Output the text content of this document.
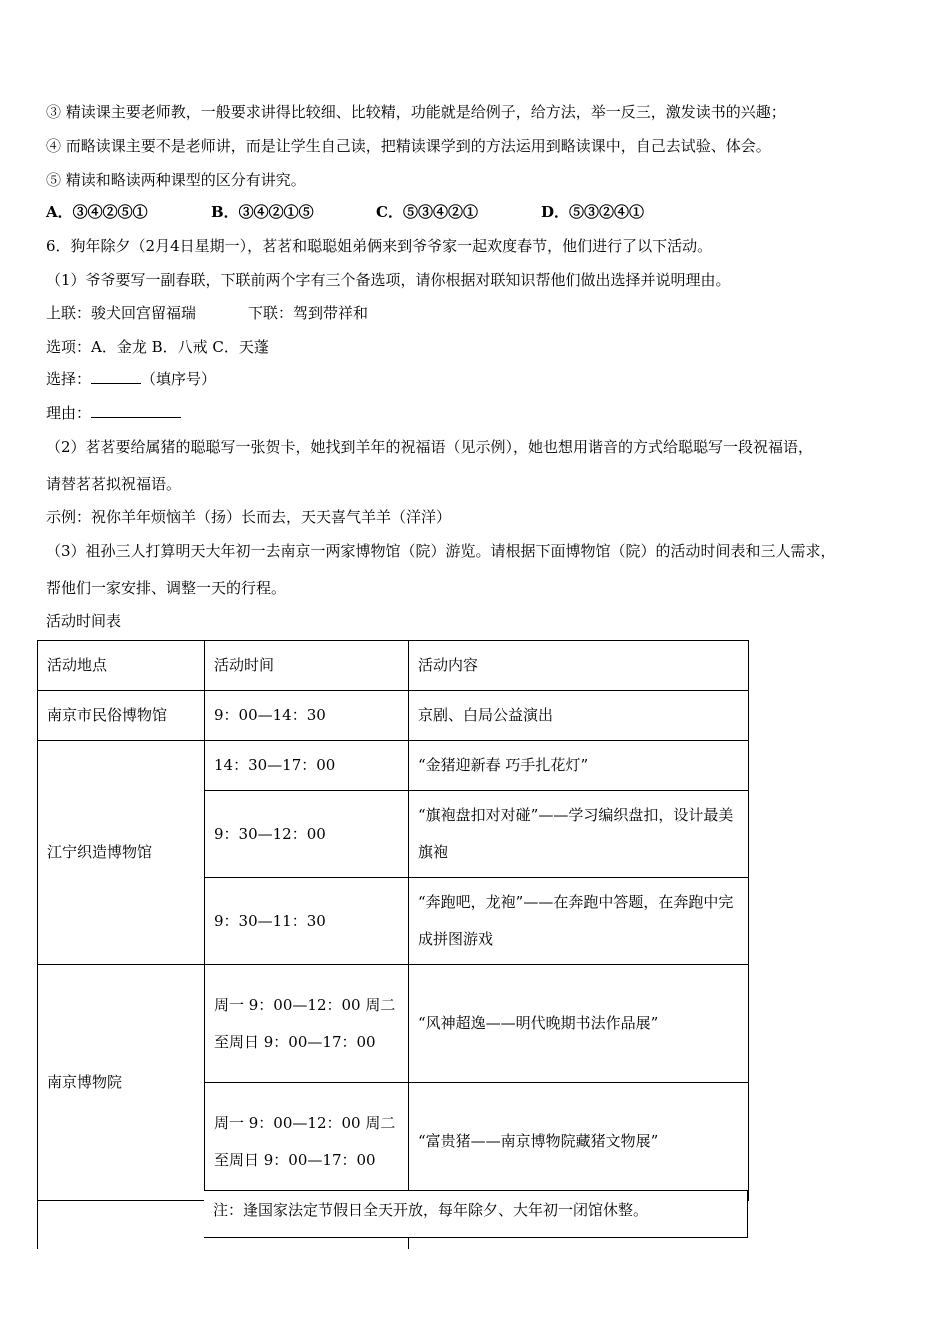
③ 精读课主要老师教，一般要求讲得比较细、比较精，功能就是给例子，给方法，举一反三，激发读书的兴趣；
④ 而略读课主要不是老师讲，而是让学生自己读，把精读课学到的方法运用到略读课中，自己去试验、体会。
⑤ 精读和略读两种课型的区分有讲究。
A．③④②⑤①	B．③④②①⑤	C．⑤③④②①	D．⑤③②④①
6．狗年除夕（2月4日星期一），茗茗和聪聪姐弟俩来到爷爷家一起欢度春节，他们进行了以下活动。
（1）爷爷要写一副春联，下联前两个字有三个备选项，请你根据对联知识帮他们做出选择并说明理由。
上联：骏犬回宫留福瑞	下联：驾到带祥和
选项：A．金龙 B．八戒 C．天蓬
选择：	（填序号）
理由：
（2）茗茗要给属猪的聪聪写一张贺卡，她找到羊年的祝福语（见示例），她也想用谐音的方式给聪聪写一段祝福语，
请替茗茗拟祝福语。
示例：祝你羊年烦恼羊（扬）长而去，天天喜气羊羊（洋洋）
（3）祖孙三人打算明天大年初一去南京一两家博物馆（院）游览。请根据下面博物馆（院）的活动时间表和三人需求，
帮他们一家安排、调整一天的行程。
活动时间表
活动地点	活动时间	活动内容
南京市民俗博物馆	9：00—14：30	京剧、白局公益演出
江宁织造博物馆	14：30—17：00	“金猪迎新春 巧手扎花灯”
	9：30—12：00	“旗袍盘扣对对碰”——学习编织盘扣，设计最美旗袍
	9：30—11：30	“奔跑吧，龙袍”——在奔跑中答题，在奔跑中完成拼图游戏
南京博物院	周一 9：00—12：00 周二至周日 9：00—17：00	“风神超逸——明代晚期书法作品展”
	周一 9：00—12：00 周二至周日 9：00—17：00	“富贵猪——南京博物院藏猪文物展”

注：逢国家法定节假日全天开放，每年除夕、大年初一闭馆休整。
